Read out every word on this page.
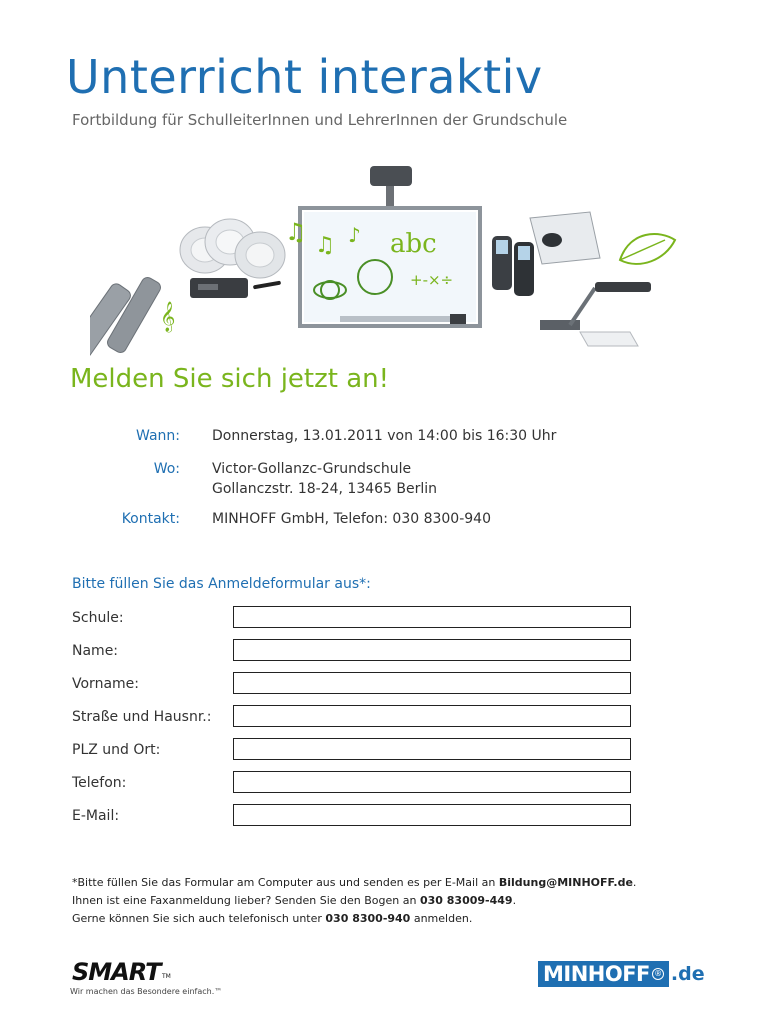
Unterricht interaktiv
Fortbildung für SchulleiterInnen und LehrerInnen der Grundschule
abc
+-×÷
♫ ♫ ♪
𝄞
Melden Sie sich jetzt an!
Wann: Donnerstag, 13.01.2011 von 14:00 bis 16:30 Uhr
Wo: Victor-Gollanzc-Grundschule
Gollanczstr. 18-24, 13465 Berlin
Kontakt: MINHOFF GmbH, Telefon: 030 8300-940
Bitte füllen Sie das Anmeldeformular aus*:
Schule:
Name:
Vorname:
Straße und Hausnr.:
PLZ und Ort:
Telefon:
E-Mail:
*Bitte füllen Sie das Formular am Computer aus und senden es per E-Mail an Bildung@MINHOFF.de.
Ihnen ist eine Faxanmeldung lieber? Senden Sie den Bogen an 030 83009-449.
Gerne können Sie sich auch telefonisch unter 030 8300-940 anmelden.
SMART TM
Wir machen das Besondere einfach.™
MINHOFF ® .de
